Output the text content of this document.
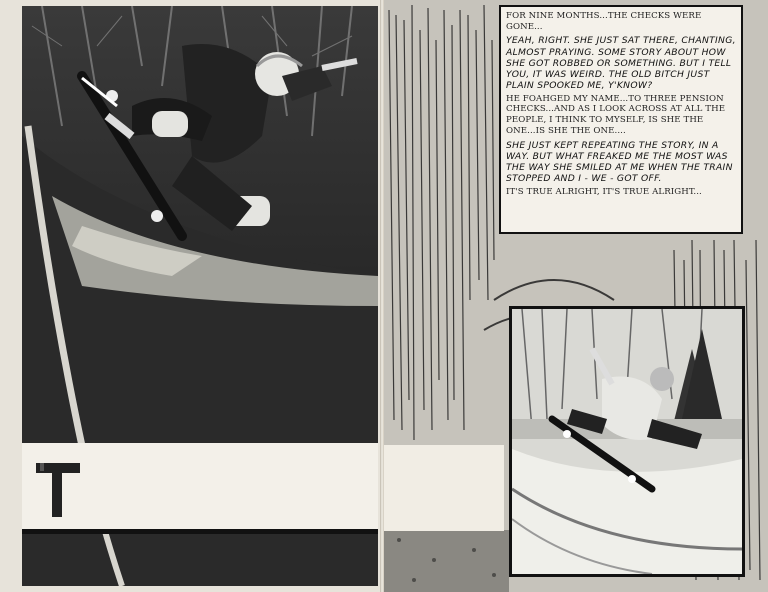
FOR NINE MONTHS...THE CHECKS WERE GONE...

YEAH, RIGHT. SHE JUST SAT THERE, CHANTING, ALMOST PRAYING. SOME STORY ABOUT HOW SHE GOT ROBBED OR SOMETHING. BUT I TELL YOU, IT WAS WEIRD. THE OLD BITCH JUST PLAIN SPOOKED ME, Y'KNOW?

HE FOAHGED MY NAME...TO THREE PENSION CHECKS...AND AS I LOOK ACROSS AT ALL THE PEOPLE, I THINK TO MYSELF, IS SHE THE ONE...IS SHE THE ONE....

SHE JUST KEPT REPEATING THE STORY, IN A WAY. BUT WHAT FREAKED ME THE MOST WAS THE WAY SHE SMILED AT ME WHEN THE TRAIN STOPPED AND I - WE - GOT OFF.

IT'S TRUE ALRIGHT, IT'S TRUE ALRIGHT...
